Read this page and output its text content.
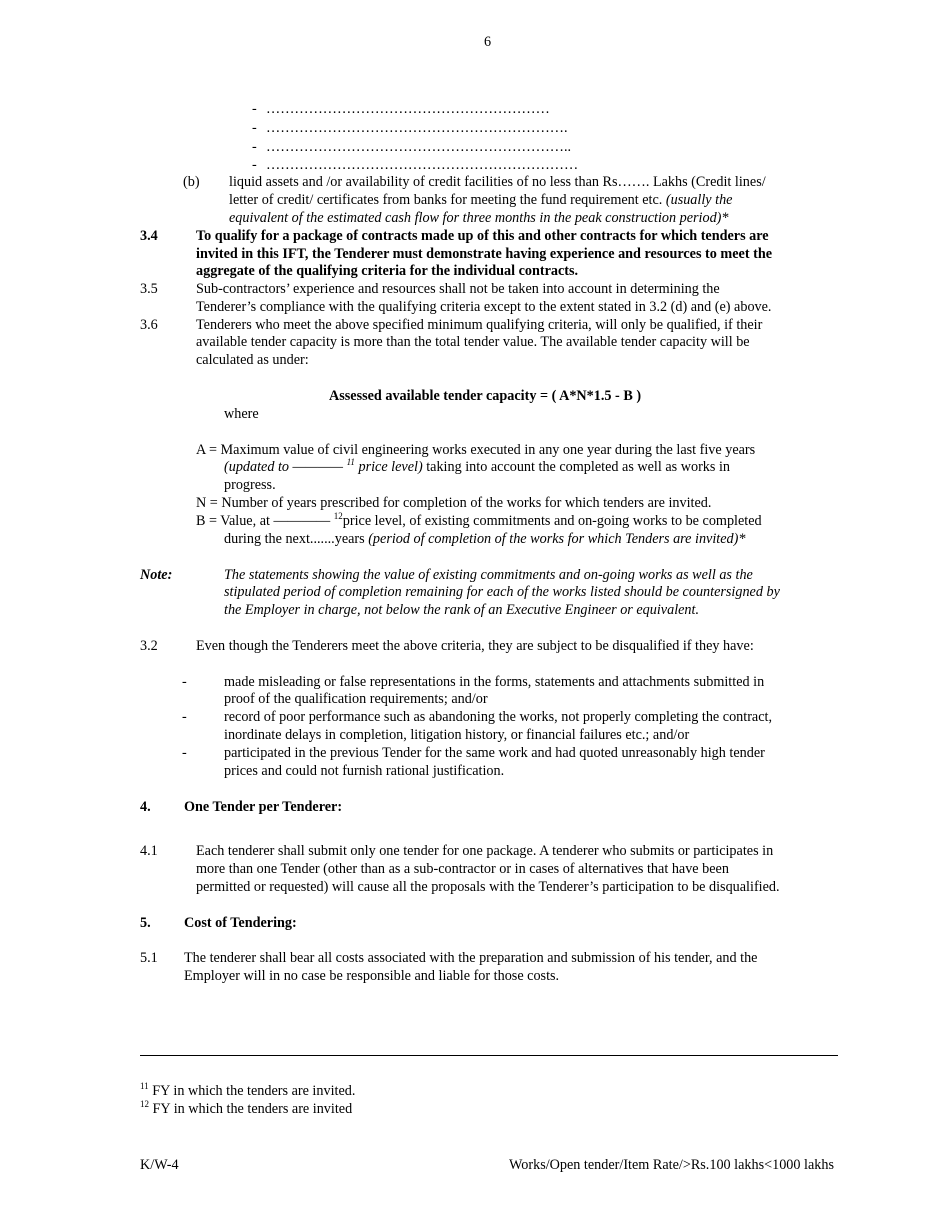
6
- ……………………………………………………
- ……………………………………………………….
- ………………………………………………………..
- …………………………………………………………
(b) liquid assets and /or availability of credit facilities of no less than Rs……. Lakhs (Credit lines/
letter of credit/ certificates from banks for meeting the fund requirement etc. (usually the
equivalent of the estimated cash flow for three months in the peak construction period)*
3.4	To qualify for a package of contracts made up of this and other contracts for which tenders are
invited in this IFT, the Tenderer must demonstrate having experience and resources to meet the
aggregate of the qualifying criteria for the individual contracts.
3.5	Sub-contractors’ experience and resources shall not be taken into account in determining the
Tenderer’s compliance with the qualifying criteria except to the extent stated in 3.2 (d) and (e) above.
3.6	Tenderers who meet the above specified minimum qualifying criteria, will only be qualified, if their
available tender capacity is more than the total tender value. The available tender capacity will be
calculated as under:
Assessed available tender capacity = ( A*N*1.5 - B )
where
A = Maximum value of civil engineering works executed in any one year during the last five years
(updated to ———— $^{11}$ price level) taking into account the completed as well as works in
progress.
N = Number of years prescribed for completion of the works for which tenders are invited.
B = Value, at ———— $^{12}$price level, of existing commitments and on-going works to be completed
during the next.......years (period of completion of the works for which Tenders are invited)*
Note:	The statements showing the value of existing commitments and on-going works as well as the
stipulated period of completion remaining for each of the works listed should be countersigned by
the Employer in charge, not below the rank of an Executive Engineer or equivalent.
3.2	Even though the Tenderers meet the above criteria, they are subject to be disqualified if they have:
-	made misleading or false representations in the forms, statements and attachments submitted in
proof of the qualification requirements; and/or
-	record of poor performance such as abandoning the works, not properly completing the contract,
inordinate delays in completion, litigation history, or financial failures etc.; and/or
-	participated in the previous Tender for the same work and had quoted unreasonably high tender
prices and could not furnish rational justification.
4. One Tender per Tenderer:
4.1	Each tenderer shall submit only one tender for one package. A tenderer who submits or participates in
more than one Tender (other than as a sub-contractor or in cases of alternatives that have been
permitted or requested) will cause all the proposals with the Tenderer’s participation to be disqualified.
5. Cost of Tendering:
5.1 The tenderer shall bear all costs associated with the preparation and submission of his tender, and the
Employer will in no case be responsible and liable for those costs.
$^{11}$ FY in which the tenders are invited.
$^{12}$ FY in which the tenders are invited
K/W-4	Works/Open tender/Item Rate/>Rs.100 lakhs<1000 lakhs
